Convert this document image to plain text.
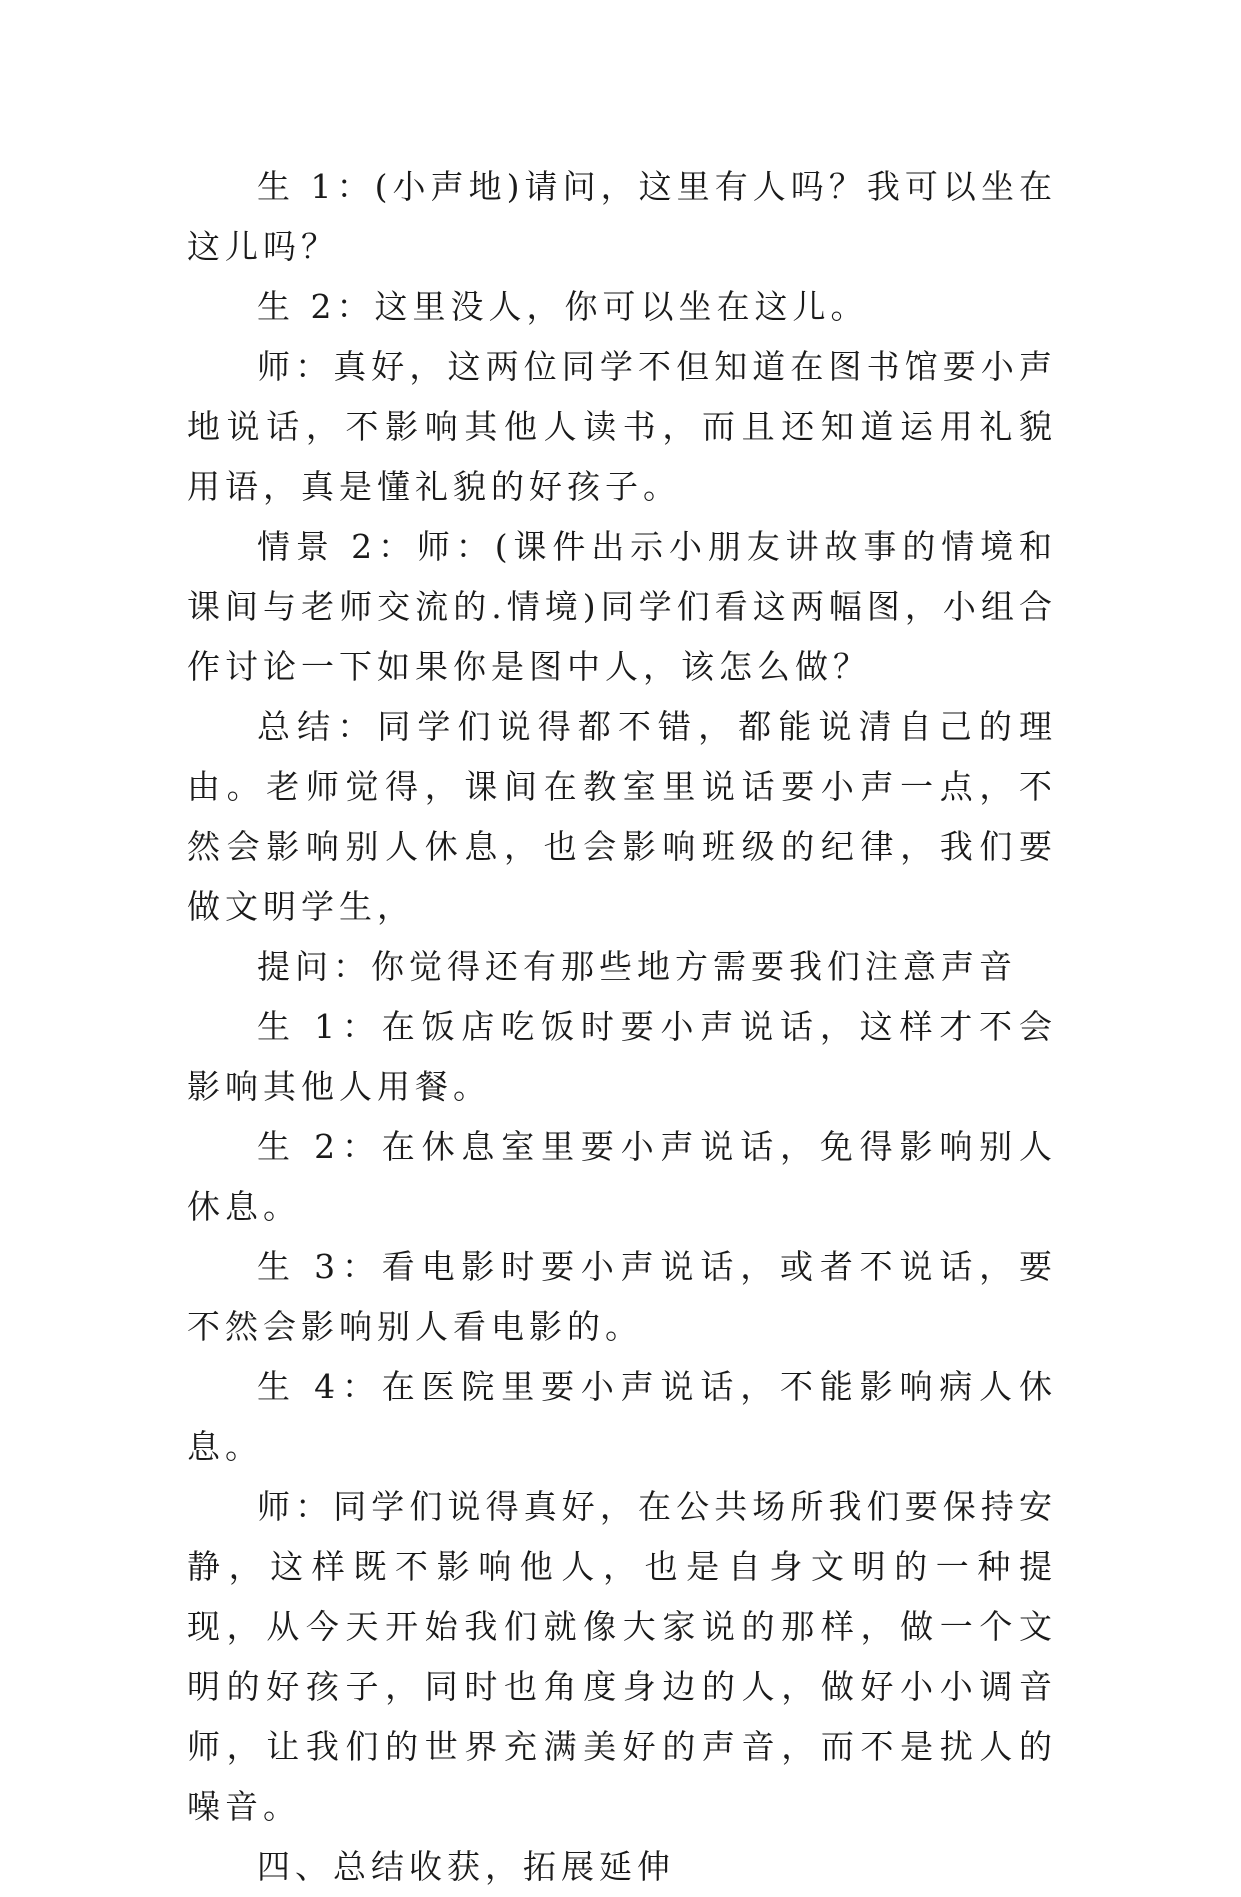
生 1：(小声地)请问，这里有人吗？我可以坐在这儿吗？

生 2：这里没人，你可以坐在这儿。

师：真好，这两位同学不但知道在图书馆要小声地说话，不影响其他人读书，而且还知道运用礼貌用语，真是懂礼貌的好孩子。

情景 2：师：(课件出示小朋友讲故事的情境和课间与老师交流的.情境)同学们看这两幅图，小组合作讨论一下如果你是图中人，该怎么做？

总结：同学们说得都不错，都能说清自己的理由。老师觉得，课间在教室里说话要小声一点，不然会影响别人休息，也会影响班级的纪律，我们要做文明学生，

提问：你觉得还有那些地方需要我们注意声音

生 1：在饭店吃饭时要小声说话，这样才不会影响其他人用餐。

生 2：在休息室里要小声说话，免得影响别人休息。

生 3：看电影时要小声说话，或者不说话，要不然会影响别人看电影的。

生 4：在医院里要小声说话，不能影响病人休息。

师：同学们说得真好，在公共场所我们要保持安静，这样既不影响他人，也是自身文明的一种提现，从今天开始我们就像大家说的那样，做一个文明的好孩子，同时也角度身边的人，做好小小调音师，让我们的世界充满美好的声音，而不是扰人的噪音。

四、总结收获，拓展延伸
